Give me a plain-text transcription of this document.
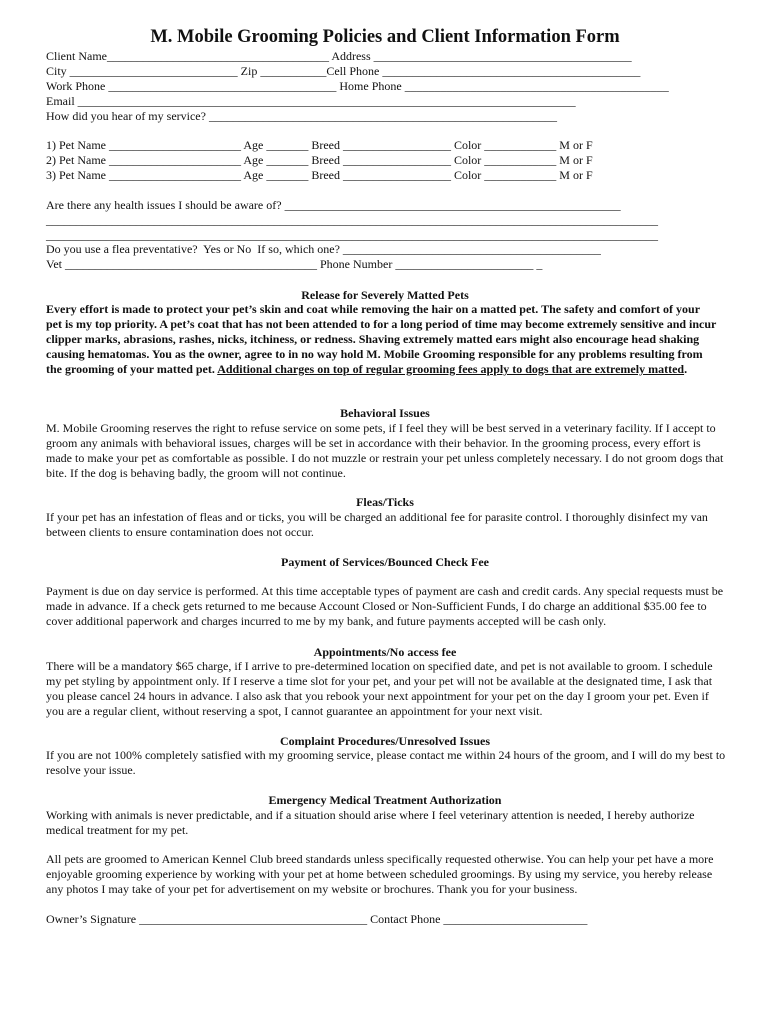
M. Mobile Grooming Policies and Client Information Form
Client Name_____________________________________ Address ___________________________________________
City ____________________________ Zip ___________Cell Phone ___________________________________________
Work Phone ______________________________________ Home Phone ____________________________________________
Email ___________________________________________________________________________________
How did you hear of my service? __________________________________________________________
1) Pet Name ______________________ Age _______ Breed __________________ Color ____________ M or F
2) Pet Name ______________________ Age _______ Breed __________________ Color ____________ M or F
3) Pet Name ______________________ Age _______ Breed __________________ Color ____________ M or F
Are there any health issues I should be aware of? ________________________________________________________
______________________________________________________________________________________________________
______________________________________________________________________________________________________
Do you use a flea preventative?  Yes or No  If so, which one? ___________________________________________
Vet __________________________________________ Phone Number _______________________ _
Release for Severely Matted Pets
Every effort is made to protect your pet’s skin and coat while removing the hair on a matted pet. The safety and comfort of your pet is my top priority. A pet’s coat that has not been attended to for a long period of time may become extremely sensitive and incur clipper marks, abrasions, rashes, nicks, itchiness, or redness. Shaving extremely matted ears might also encourage head shaking causing hematomas. You as the owner, agree to in no way hold M. Mobile Grooming responsible for any problems resulting from the grooming of your matted pet. Additional charges on top of regular grooming fees apply to dogs that are extremely matted.
Behavioral Issues
M. Mobile Grooming reserves the right to refuse service on some pets, if I feel they will be best served in a veterinary facility. If I accept to groom any animals with behavioral issues, charges will be set in accordance with their behavior. In the grooming process, every effort is made to make your pet as comfortable as possible. I do not muzzle or restrain your pet unless completely necessary. I do not groom dogs that bite. If the dog is behaving badly, the groom will not continue.
Fleas/Ticks
If your pet has an infestation of fleas and or ticks, you will be charged an additional fee for parasite control. I thoroughly disinfect my van between clients to ensure contamination does not occur.
Payment of Services/Bounced Check Fee
Payment is due on day service is performed. At this time acceptable types of payment are cash and credit cards. Any special requests must be made in advance. If a check gets returned to me because Account Closed or Non-Sufficient Funds, I do charge an additional $35.00 fee to cover additional paperwork and charges incurred to me by my bank, and future payments accepted will be cash only.
Appointments/No access fee
There will be a mandatory $65 charge, if I arrive to pre-determined location on specified date, and pet is not available to groom. I schedule my pet styling by appointment only. If I reserve a time slot for your pet, and your pet will not be available at the designated time, I ask that you please cancel 24 hours in advance. I also ask that you rebook your next appointment for your pet on the day I groom your pet. Even if you are a regular client, without reserving a spot, I cannot guarantee an appointment for your next visit.
Complaint Procedures/Unresolved Issues
If you are not 100% completely satisfied with my grooming service, please contact me within 24 hours of the groom, and I will do my best to resolve your issue.
Emergency Medical Treatment Authorization
Working with animals is never predictable, and if a situation should arise where I feel veterinary attention is needed, I hereby authorize medical treatment for my pet.
All pets are groomed to American Kennel Club breed standards unless specifically requested otherwise. You can help your pet have a more enjoyable grooming experience by working with your pet at home between scheduled groomings. By using my service, you hereby release any photos I may take of your pet for advertisement on my website or brochures. Thank you for your business.
Owner’s Signature ______________________________________ Contact Phone ________________________
